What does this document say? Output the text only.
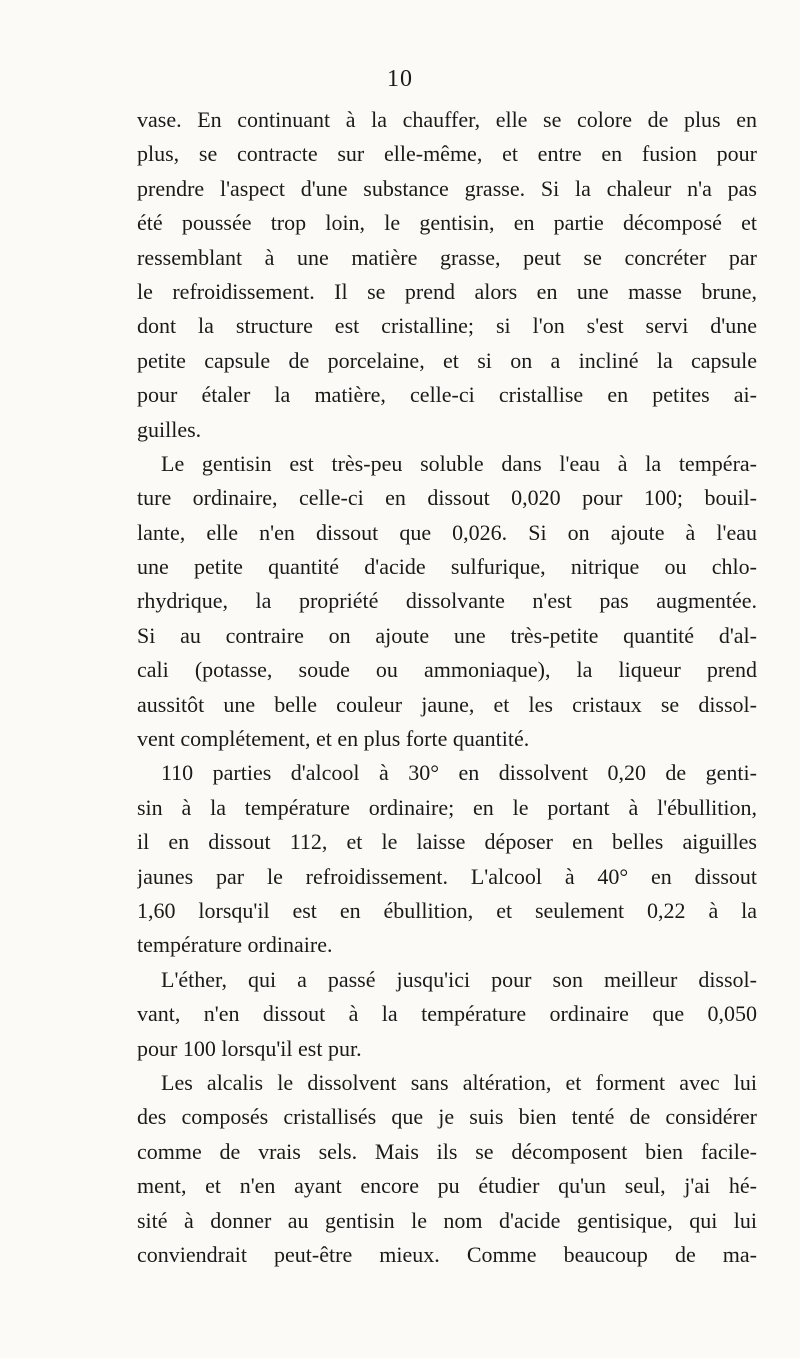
10
vase. En continuant à la chauffer, elle se colore de plus en
plus, se contracte sur elle-même, et entre en fusion pour
prendre l'aspect d'une substance grasse. Si la chaleur n'a pas
été poussée trop loin, le gentisin, en partie décomposé et
ressemblant à une matière grasse, peut se concréter par
le refroidissement. Il se prend alors en une masse brune,
dont la structure est cristalline; si l'on s'est servi d'une
petite capsule de porcelaine, et si on a incliné la capsule
pour étaler la matière, celle-ci cristallise en petites ai-
guilles.
Le gentisin est très-peu soluble dans l'eau à la tempéra-
ture ordinaire, celle-ci en dissout 0,020 pour 100; bouil-
lante, elle n'en dissout que 0,026. Si on ajoute à l'eau
une petite quantité d'acide sulfurique, nitrique ou chlo-
rhydrique, la propriété dissolvante n'est pas augmentée.
Si au contraire on ajoute une très-petite quantité d'al-
cali (potasse, soude ou ammoniaque), la liqueur prend
aussitôt une belle couleur jaune, et les cristaux se dissol-
vent complétement, et en plus forte quantité.
110 parties d'alcool à 30° en dissolvent 0,20 de genti-
sin à la température ordinaire; en le portant à l'ébullition,
il en dissout 112, et le laisse déposer en belles aiguilles
jaunes par le refroidissement. L'alcool à 40° en dissout
1,60 lorsqu'il est en ébullition, et seulement 0,22 à la
température ordinaire.
L'éther, qui a passé jusqu'ici pour son meilleur dissol-
vant, n'en dissout à la température ordinaire que 0,050
pour 100 lorsqu'il est pur.
Les alcalis le dissolvent sans altération, et forment avec lui
des composés cristallisés que je suis bien tenté de considérer
comme de vrais sels. Mais ils se décomposent bien facile-
ment, et n'en ayant encore pu étudier qu'un seul, j'ai hé-
sité à donner au gentisin le nom d'acide gentisique, qui lui
conviendrait peut-être mieux. Comme beaucoup de ma-
